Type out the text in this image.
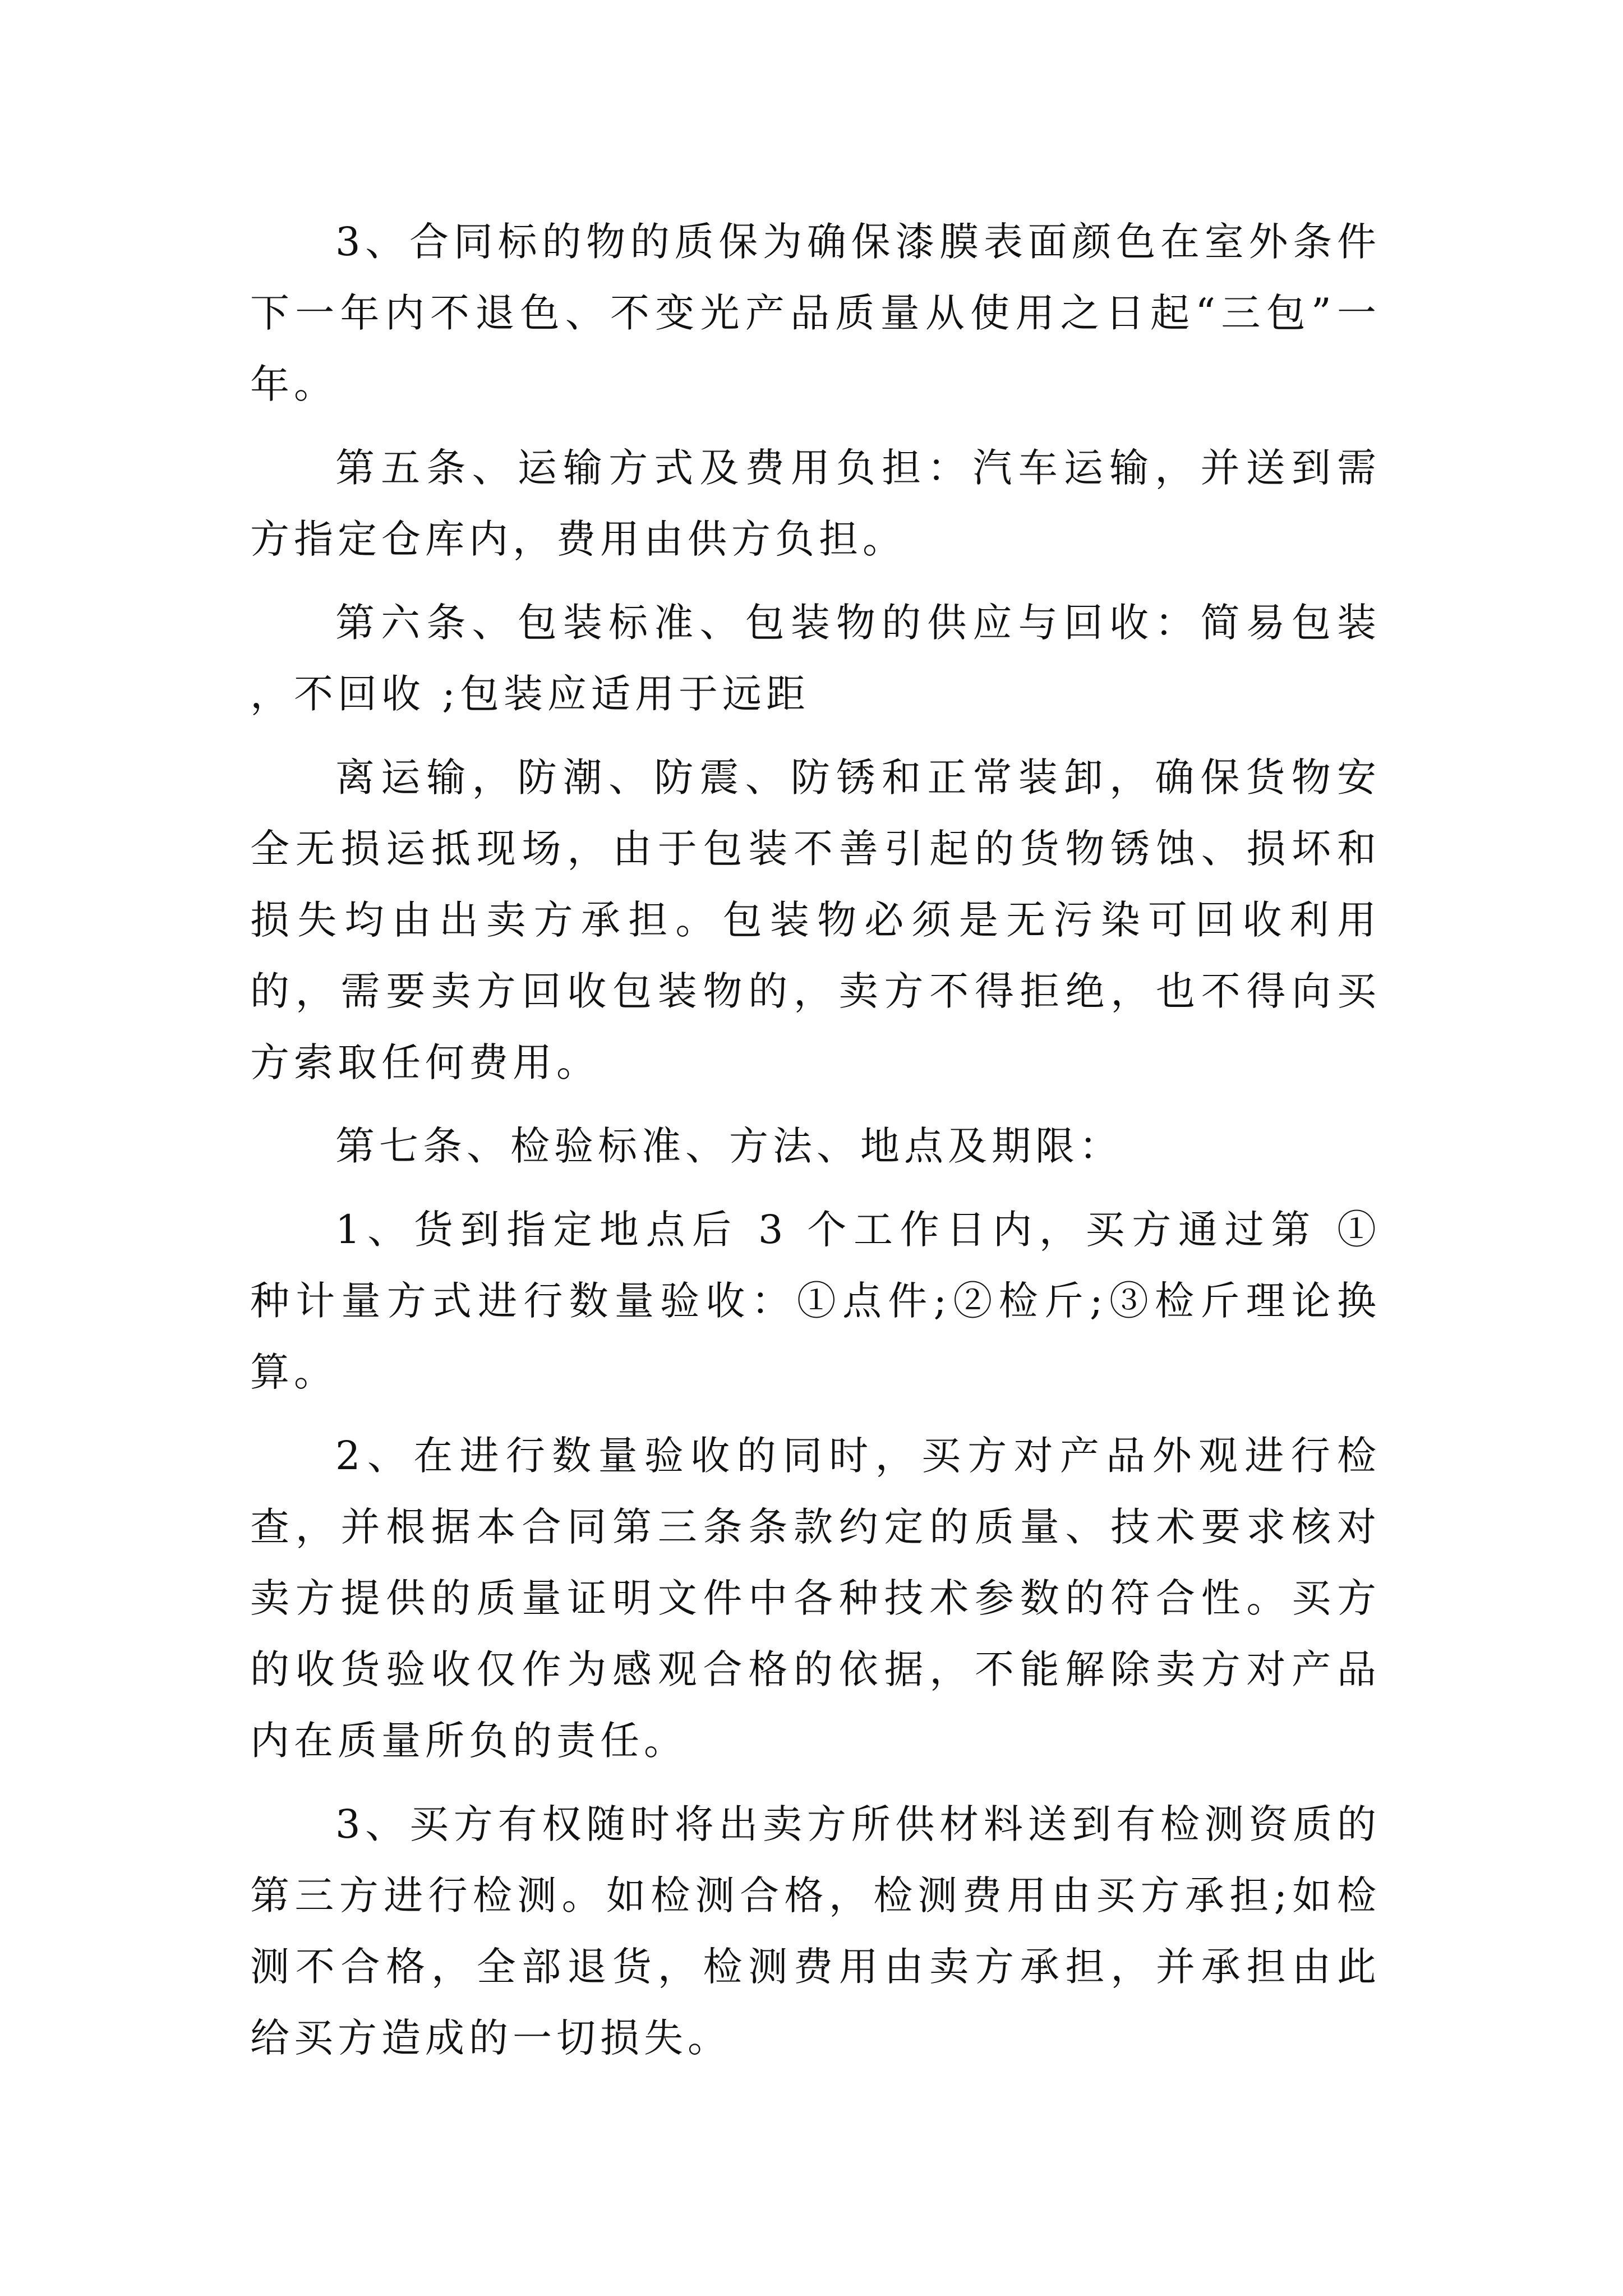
3、合同标的物的质保为确保漆膜表面颜色在室外条件下一年内不退色、不变光产品质量从使用之日起“三包”一年。

第五条、运输方式及费用负担：汽车运输，并送到需方指定仓库内，费用由供方负担。

第六条、包装标准、包装物的供应与回收：简易包装 ，不回收 ;包装应适用于远距

离运输，防潮、防震、防锈和正常装卸，确保货物安全无损运抵现场，由于包装不善引起的货物锈蚀、损坏和损失均由出卖方承担。包装物必须是无污染可回收利用的，需要卖方回收包装物的，卖方不得拒绝，也不得向买方索取任何费用。

第七条、检验标准、方法、地点及期限：

1、货到指定地点后 3 个工作日内，买方通过第 ① 种计量方式进行数量验收：①点件;②检斤;③检斤理论换算。

2、在进行数量验收的同时，买方对产品外观进行检查，并根据本合同第三条条款约定的质量、技术要求核对卖方提供的质量证明文件中各种技术参数的符合性。买方的收货验收仅作为感观合格的依据，不能解除卖方对产品内在质量所负的责任。

3、买方有权随时将出卖方所供材料送到有检测资质的第三方进行检测。如检测合格，检测费用由买方承担;如检测不合格，全部退货，检测费用由卖方承担，并承担由此给买方造成的一切损失。
